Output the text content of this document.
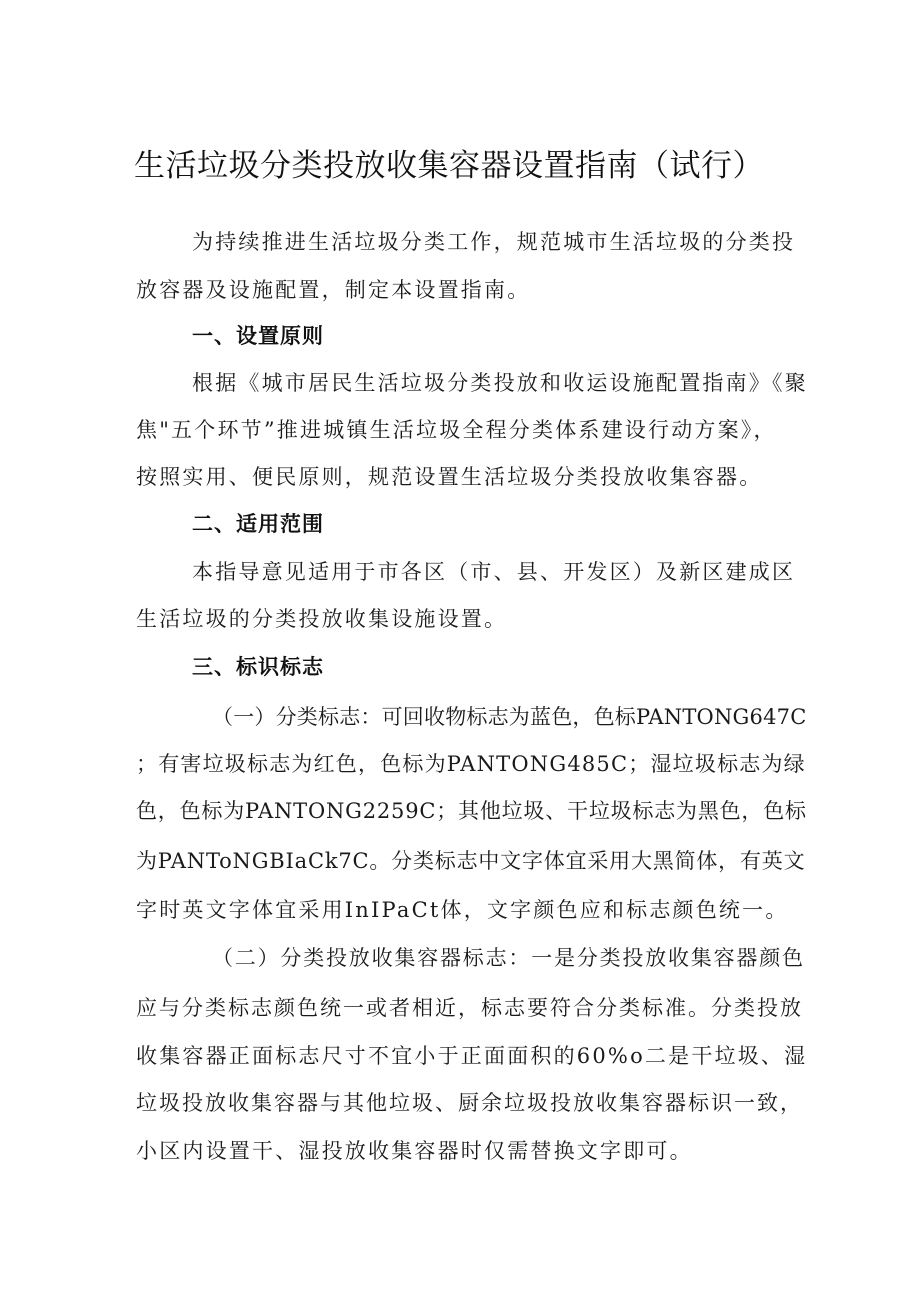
生活垃圾分类投放收集容器设置指南（试行）

为持续推进生活垃圾分类工作，规范城市生活垃圾的分类投

放容器及设施配置，制定本设置指南。

一、设置原则

根据《城市居民生活垃圾分类投放和收运设施配置指南》《聚

焦"五个环节”推进城镇生活垃圾全程分类体系建设行动方案》，

按照实用、便民原则，规范设置生活垃圾分类投放收集容器。

二、适用范围

本指导意见适用于市各区（市、县、开发区）及新区建成区

生活垃圾的分类投放收集设施设置。

三、标识标志

（一）分类标志：可回收物标志为蓝色，色标PANTONG647C

；有害垃圾标志为红色，色标为PANTONG485C；湿垃圾标志为绿

色，色标为PANTONG2259C；其他垃圾、干垃圾标志为黑色，色标

为PANToNGBIaCk7C。分类标志中文字体宜采用大黑简体，有英文

字时英文字体宜采用InIPaCt体，文字颜色应和标志颜色统一。

（二）分类投放收集容器标志：一是分类投放收集容器颜色

应与分类标志颜色统一或者相近，标志要符合分类标准。分类投放

收集容器正面标志尺寸不宜小于正面面积的60%o二是干垃圾、湿

垃圾投放收集容器与其他垃圾、厨余垃圾投放收集容器标识一致，

小区内设置干、湿投放收集容器时仅需替换文字即可。
